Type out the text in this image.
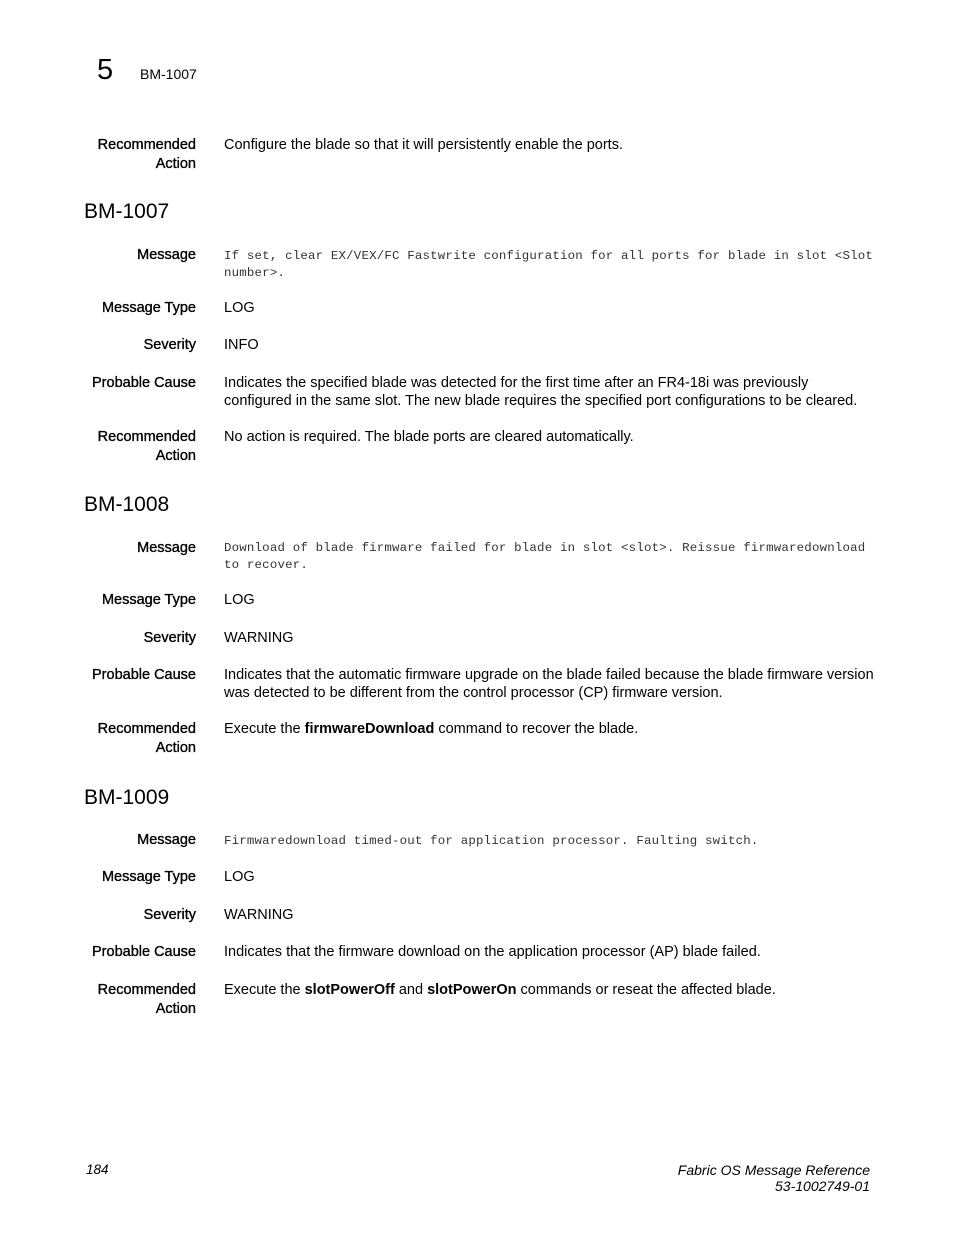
5 BM-1007
Recommended
Action
Configure the blade so that it will persistently enable the ports.
BM-1007
Message If set, clear EX/VEX/FC Fastwrite configuration for all ports for blade in slot <Slot number>.
Message Type LOG
Severity INFO
Probable Cause Indicates the specified blade was detected for the first time after an FR4-18i was previously configured in the same slot. The new blade requires the specified port configurations to be cleared.
Recommended
Action
No action is required. The blade ports are cleared automatically.
BM-1008
Message Download of blade firmware failed for blade in slot <slot>. Reissue firmwaredownload to recover.
Message Type LOG
Severity WARNING
Probable Cause Indicates that the automatic firmware upgrade on the blade failed because the blade firmware version was detected to be different from the control processor (CP) firmware version.
Recommended
Action
Execute the firmwareDownload command to recover the blade.
BM-1009
Message Firmwaredownload timed-out for application processor. Faulting switch.
Message Type LOG
Severity WARNING
Probable Cause Indicates that the firmware download on the application processor (AP) blade failed.
Recommended
Action
Execute the slotPowerOff and slotPowerOn commands or reseat the affected blade.
184	Fabric OS Message Reference
53-1002749-01
